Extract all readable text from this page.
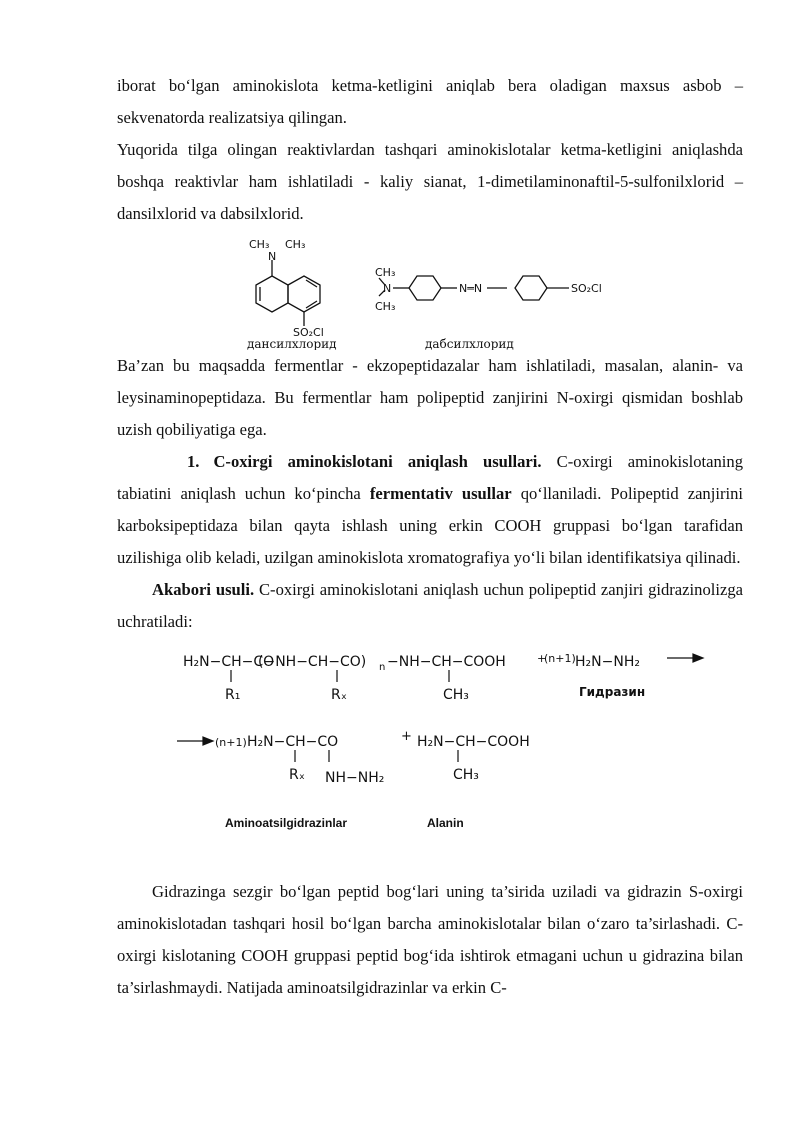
iborat bo‘lgan aminokislota ketma-ketligini aniqlab bera oladigan maxsus asbob – sekvenatorda realizatsiya qilingan.

Yuqorida tilga olingan reaktivlardan tashqari aminokislotalar ketma-ketligini aniqlashda boshqa reaktivlar ham ishlatiladi - kaliy sianat, 1-dimetilaminonaftil-5-sulfonilxlorid – dansilxlorid va dabsilxlorid.

CH₃ CH₃
N
SO₂Cl
дансилхлорид
CH₃
N
CH₃
N═N	SO₂Cl
дабсилхлорид

Ba’zan bu maqsadda fermentlar - ekzopeptidazalar ham ishlatiladi, masalan, alanin- va leysinaminopeptidaza. Bu fermentlar ham polipeptid zanjirini N-oxirgi qismidan boshlab uzish qobiliyatiga ega.

1. C-oxirgi aminokislotani aniqlash usullari. C-oxirgi aminokislotaning tabiatini aniqlash uchun ko‘pincha fermentativ usullar qo‘llaniladi. Polipeptid zanjirini karboksipeptidaza bilan qayta ishlash uning erkin COOH gruppasi bo‘lgan tarafidan uzilishiga olib keladi, uzilgan aminokislota xromatografiya yo‘li bilan identifikatsiya qilinadi.

Akabori usuli. C-oxirgi aminokislotani aniqlash uchun polipeptid zanjiri gidrazinolizga uchratiladi:

H₂N−CH−CO
(−NH−CH−CO) n −NH−CH−COOH	+
(n+1) H₂N−NH₂
R₁	Rₓ	CH₃	Гидразин
(n+1) H₂N−CH−CO
Rₓ NH−NH₂
+ H₂N−CH−COOH
CH₃
Aminoatsilgidrazinlar	Alanin

Gidrazinga sezgir bo‘lgan peptid bog‘lari uning ta’sirida uziladi va gidrazin S-oxirgi aminokislotadan tashqari hosil bo‘lgan barcha aminokislotalar bilan o‘zaro ta’sirlashadi. C-oxirgi kislotaning COOH gruppasi peptid bog‘ida ishtirok etmagani uchun u gidrazina bilan ta’sirlashmaydi. Natijada aminoatsilgidrazinlar va erkin C-
